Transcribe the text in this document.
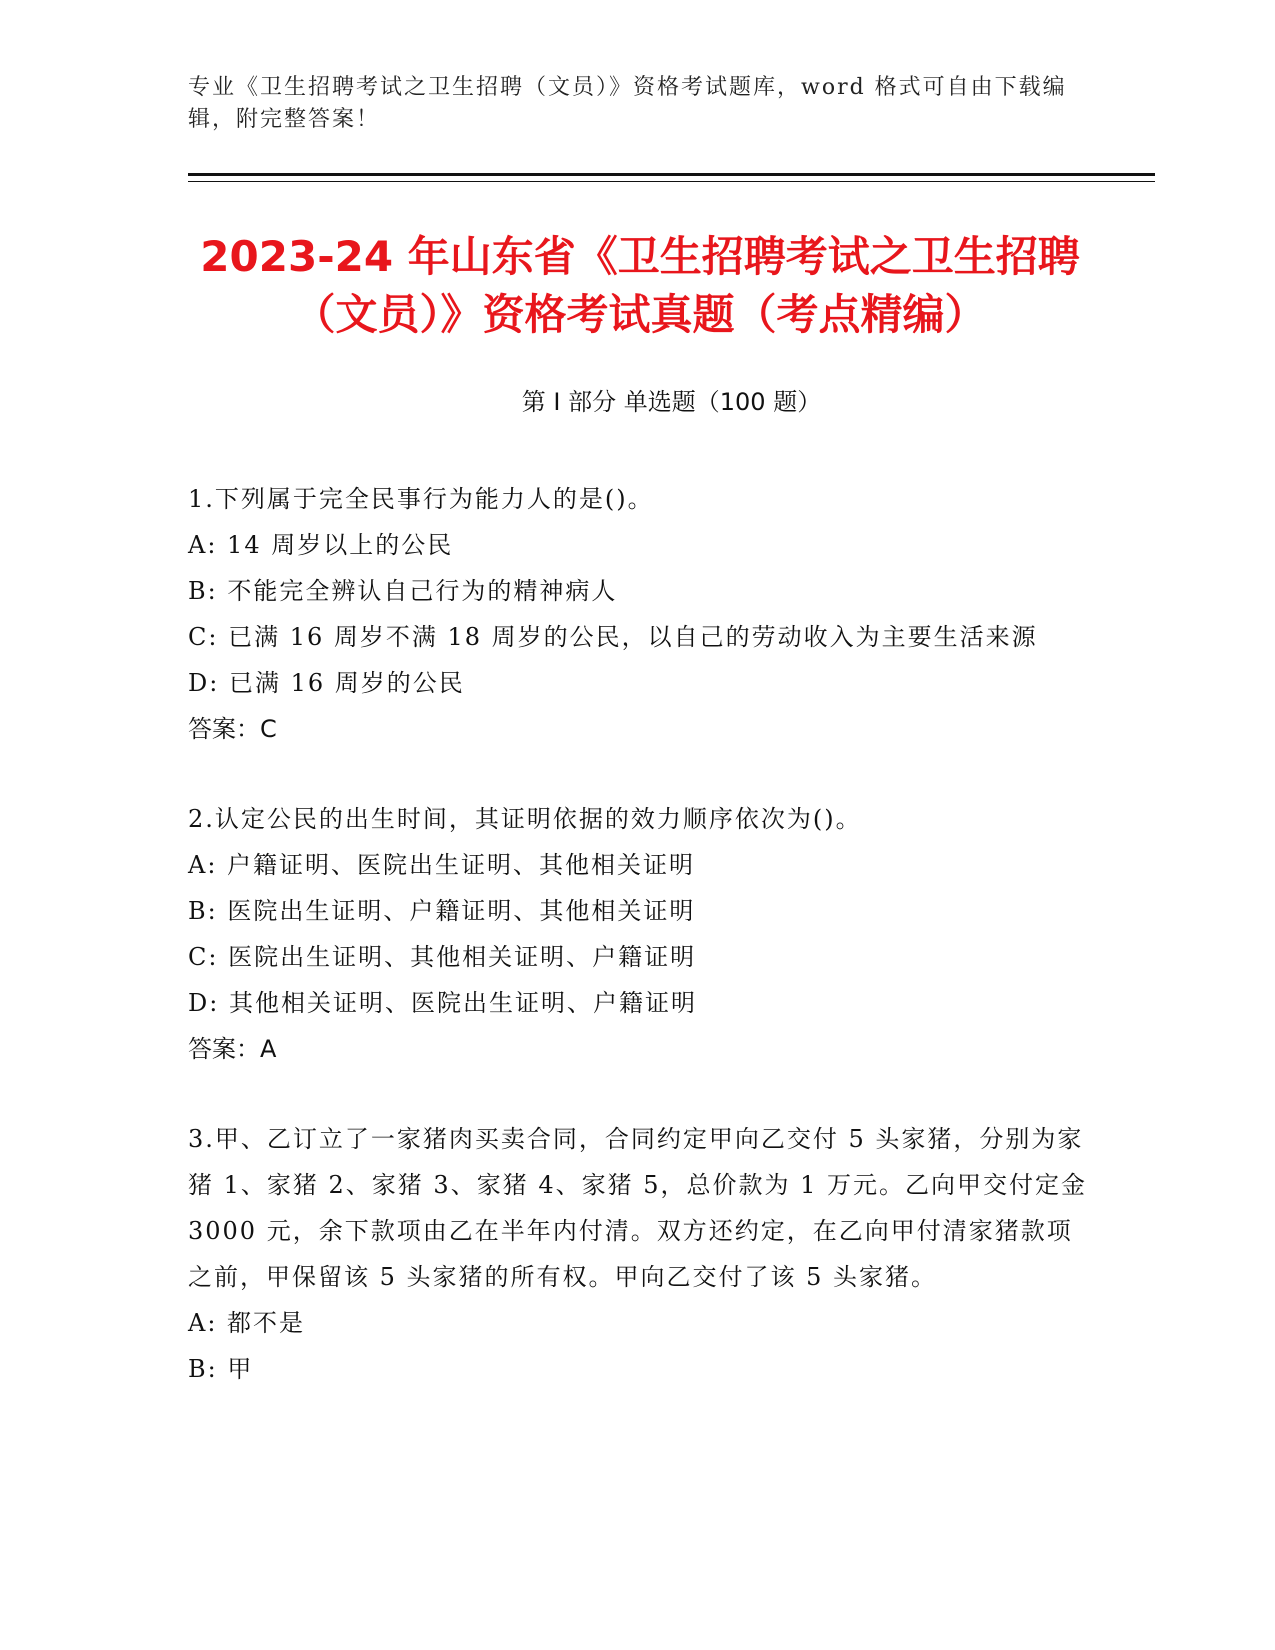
专业《卫生招聘考试之卫生招聘（文员）》资格考试题库，word 格式可自由下载编辑，附完整答案！
2023-24 年山东省《卫生招聘考试之卫生招聘（文员）》资格考试真题（考点精编）
第 I 部分 单选题（100 题）

1.下列属于完全民事行为能力人的是()。

A: 14 周岁以上的公民

B: 不能完全辨认自己行为的精神病人

C: 已满 16 周岁不满 18 周岁的公民，以自己的劳动收入为主要生活来源

D: 已满 16 周岁的公民

答案：C

2.认定公民的出生时间，其证明依据的效力顺序依次为()。

A: 户籍证明、医院出生证明、其他相关证明

B: 医院出生证明、户籍证明、其他相关证明

C: 医院出生证明、其他相关证明、户籍证明

D: 其他相关证明、医院出生证明、户籍证明

答案：A

3.甲、乙订立了一家猪肉买卖合同，合同约定甲向乙交付 5 头家猪，分别为家猪 1、家猪 2、家猪 3、家猪 4、家猪 5，总价款为 1 万元。乙向甲交付定金 3000 元，余下款项由乙在半年内付清。双方还约定，在乙向甲付清家猪款项之前，甲保留该 5 头家猪的所有权。甲向乙交付了该 5 头家猪。

A: 都不是

B: 甲
